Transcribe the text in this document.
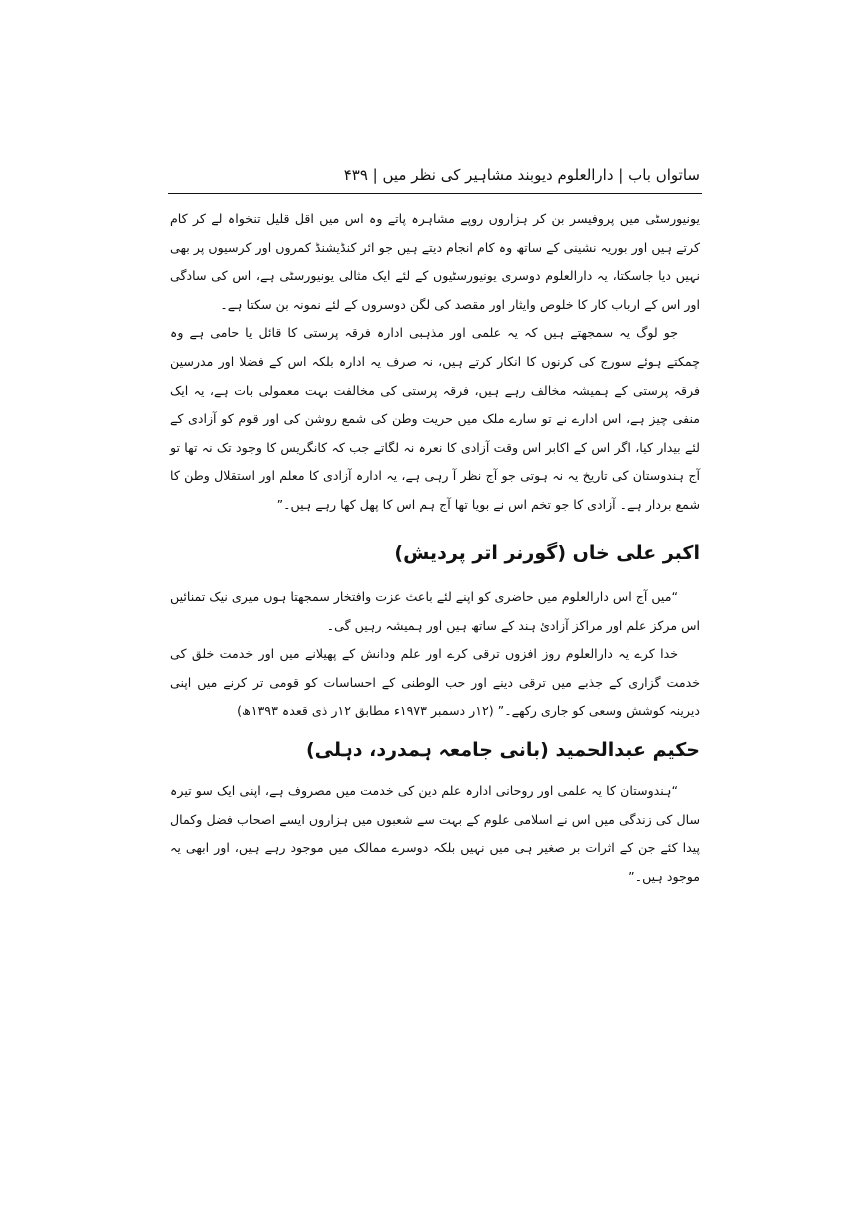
ساتواں باب | دارالعلوم دیوبند مشاہیر کی نظر میں | ۴۳۹

یونیورسٹی میں پروفیسر بن کر ہزاروں روپے مشاہرہ پاتے وہ اس میں اقل قلیل تنخواہ لے کر کام کرتے ہیں اور بوریہ نشینی کے ساتھ وہ کام انجام دیتے ہیں جو ائر کنڈیشنڈ کمروں اور کرسیوں پر بھی نہیں دیا جاسکتا، یہ دارالعلوم دوسری یونیورسٹیوں کے لئے ایک مثالی یونیورسٹی ہے، اس کی سادگی اور اس کے ارباب کار کا خلوص وایثار اور مقصد کی لگن دوسروں کے لئے نمونہ بن سکتا ہے۔

جو لوگ یہ سمجھتے ہیں کہ یہ علمی اور مذہبی ادارہ فرقہ پرستی کا قائل یا حامی ہے وہ چمکتے ہوئے سورج کی کرنوں کا انکار کرتے ہیں، نہ صرف یہ ادارہ بلکہ اس کے فضلا اور مدرسین فرقہ پرستی کے ہمیشہ مخالف رہے ہیں، فرقہ پرستی کی مخالفت بہت معمولی بات ہے، یہ ایک منفی چیز ہے، اس ادارے نے تو سارے ملک میں حریت وطن کی شمع روشن کی اور قوم کو آزادی کے لئے بیدار کیا، اگر اس کے اکابر اس وقت آزادی کا نعرہ نہ لگاتے جب کہ کانگریس کا وجود تک نہ تھا تو آج ہندوستان کی تاریخ یہ نہ ہوتی جو آج نظر آ رہی ہے، یہ ادارہ آزادی کا معلم اور استقلال وطن کا شمع بردار ہے۔ آزادی کا جو تخم اس نے بویا تھا آج ہم اس کا پھل کھا رہے ہیں۔”

اکبر علی خاں (گورنر اتر پردیش)

“میں آج اس دارالعلوم میں حاضری کو اپنے لئے باعث عزت وافتخار سمجھتا ہوں میری نیک تمنائیں اس مرکز علم اور مراکز آزادیٔ ہند کے ساتھ ہیں اور ہمیشہ رہیں گی۔

خدا کرے یہ دارالعلوم روز افزوں ترقی کرے اور علم ودانش کے پھیلانے میں اور خدمت خلق کی خدمت گزاری کے جذبے میں ترقی دینے اور حب الوطنی کے احساسات کو قومی تر کرنے میں اپنی دیرینہ کوشش وسعی کو جاری رکھے۔” (۱۲ر دسمبر ۱۹۷۳ء مطابق ۱۲ر ذی قعدہ ۱۳۹۳ھ)

حکیم عبدالحمید (بانی جامعہ ہمدرد، دہلی)

“ہندوستان کا یہ علمی اور روحانی ادارہ علم دین کی خدمت میں مصروف ہے، اپنی ایک سو تیرہ سال کی زندگی میں اس نے اسلامی علوم کے بہت سے شعبوں میں ہزاروں ایسے اصحاب فضل وکمال پیدا کئے جن کے اثرات بر صغیر ہی میں نہیں بلکہ دوسرے ممالک میں موجود رہے ہیں، اور ابھی یہ موجود ہیں۔”
